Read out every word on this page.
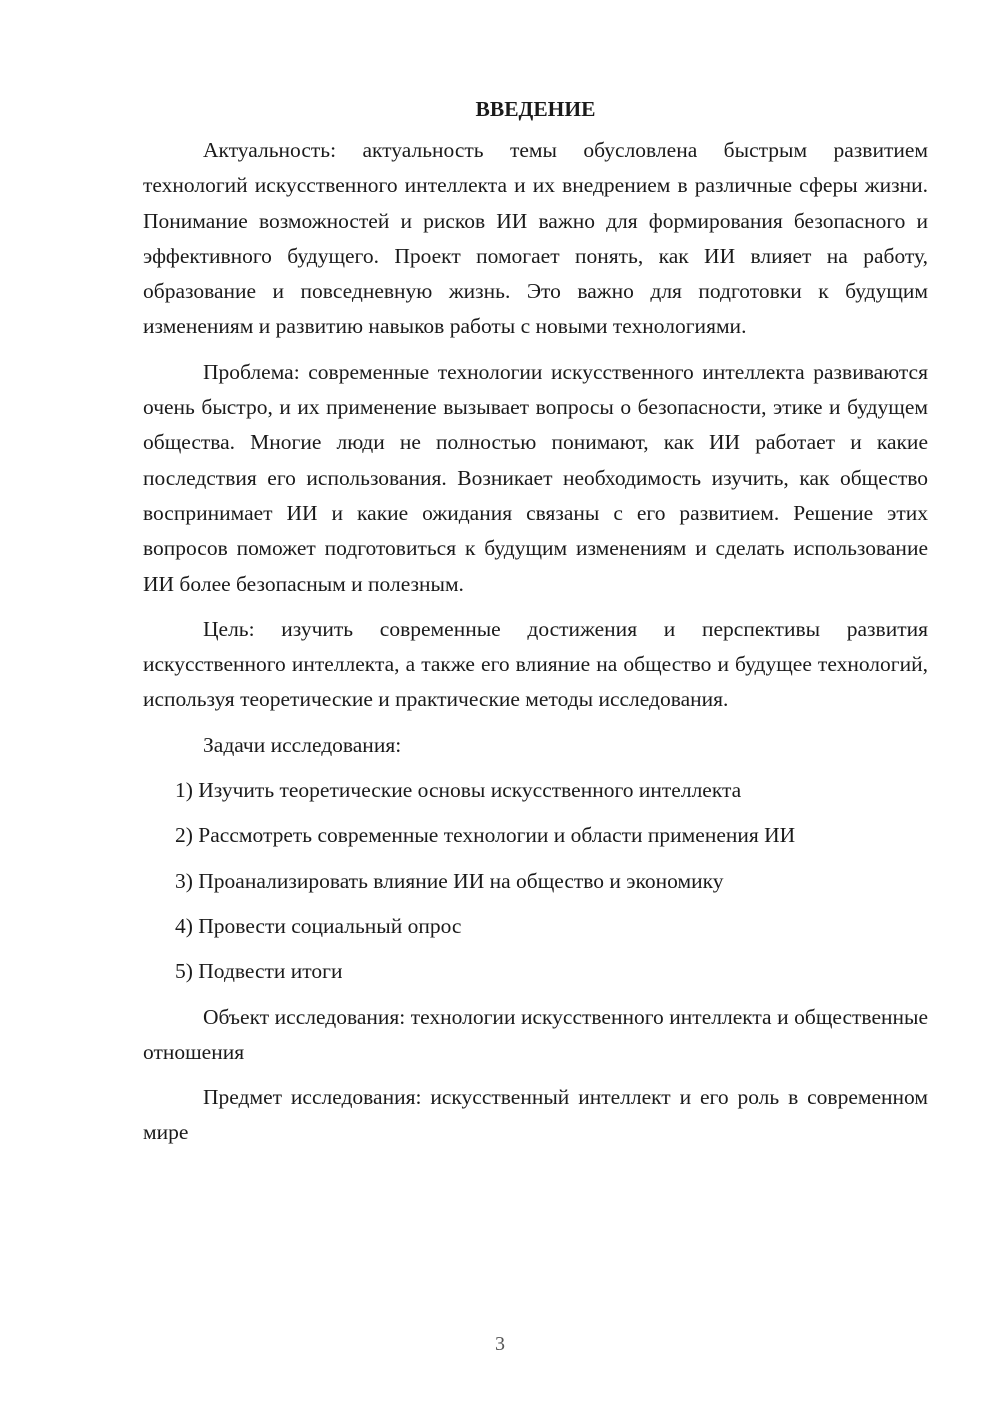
ВВЕДЕНИЕ

Актуальность: актуальность темы обусловлена быстрым развитием технологий искусственного интеллекта и их внедрением в различные сферы жизни. Понимание возможностей и рисков ИИ важно для формирования безопасного и эффективного будущего. Проект помогает понять, как ИИ влияет на работу, образование и повседневную жизнь. Это важно для подготовки к будущим изменениям и развитию навыков работы с новыми технологиями.

Проблема: современные технологии искусственного интеллекта развиваются очень быстро, и их применение вызывает вопросы о безопасности, этике и будущем общества. Многие люди не полностью понимают, как ИИ работает и какие последствия его использования. Возникает необходимость изучить, как общество воспринимает ИИ и какие ожидания связаны с его развитием. Решение этих вопросов поможет подготовиться к будущим изменениям и сделать использование ИИ более безопасным и полезным.

Цель: изучить современные достижения и перспективы развития искусственного интеллекта, а также его влияние на общество и будущее технологий, используя теоретические и практические методы исследования.

Задачи исследования:

1) Изучить теоретические основы искусственного интеллекта
2) Рассмотреть современные технологии и области применения ИИ
3) Проанализировать влияние ИИ на общество и экономику
4) Провести социальный опрос
5) Подвести итоги

Объект исследования: технологии искусственного интеллекта и общественные отношения

Предмет исследования: искусственный интеллект и его роль в современном мире

3
